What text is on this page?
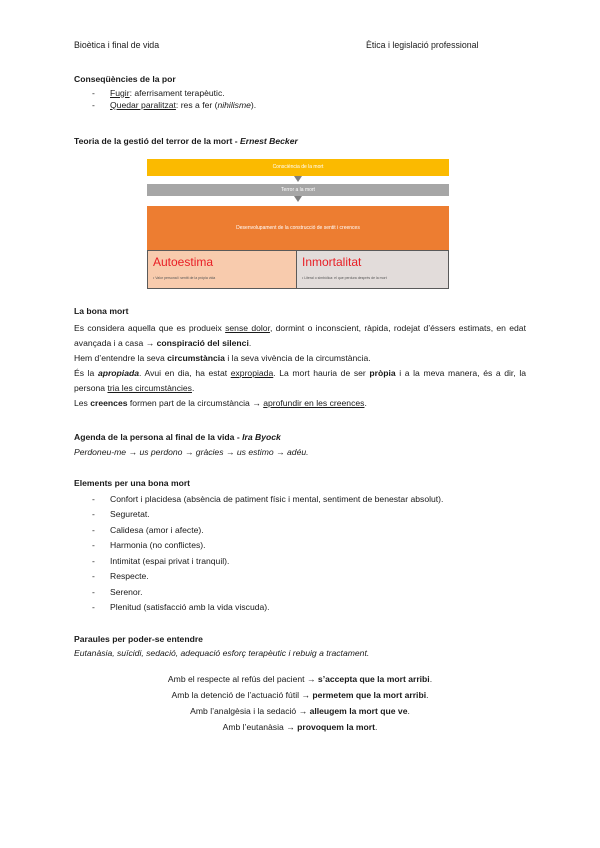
Bioètica i final de vida	Ètica i legislació professional

Conseqüències de la por

- Fugir: aferrisament terapèutic.
- Quedar paralitzat: res a fer (nihilisme).

Teoria de la gestió del terror de la mort - Ernest Becker

Consciència de la mort
Terror a la mort
Desenvolupament de la construcció de sentit i creences
Autoestima
• Valor personal i sentit de la pròpia vida
Inmortalitat
• Literal o simbòlica: el que perdura després de la mort

La bona mort

Es considera aquella que es produeix sense dolor, dormint o inconscient, ràpida, rodejat d’éssers estimats, en edat avançada i a casa → conspiració del silenci.

Hem d’entendre la seva circumstància i la seva vivència de la circumstància.

És la apropiada. Avui en dia, ha estat expropiada. La mort hauria de ser pròpia i a la meva manera, és a dir, la persona tria les circumstàncies.

Les creences formen part de la circumstància → aprofundir en les creences.

Agenda de la persona al final de la vida - Ira Byock

Perdoneu-me → us perdono → gràcies → us estimo → adéu.

Elements per una bona mort

- Confort i placidesa (absència de patiment físic i mental, sentiment de benestar absolut).
- Seguretat.
- Calidesa (amor i afecte).
- Harmonia (no conflictes).
- Intimitat (espai privat i tranquil).
- Respecte.
- Serenor.
- Plenitud (satisfacció amb la vida viscuda).

Paraules per poder-se entendre

Eutanàsia, suïcidi, sedació, adequació esforç terapèutic i rebuig a tractament.

Amb el respecte al refús del pacient → s’accepta que la mort arribi.

Amb la detenció de l’actuació fútil → permetem que la mort arribi.

Amb l’analgèsia i la sedació → alleugem la mort que ve.

Amb l’eutanàsia → provoquem la mort.
